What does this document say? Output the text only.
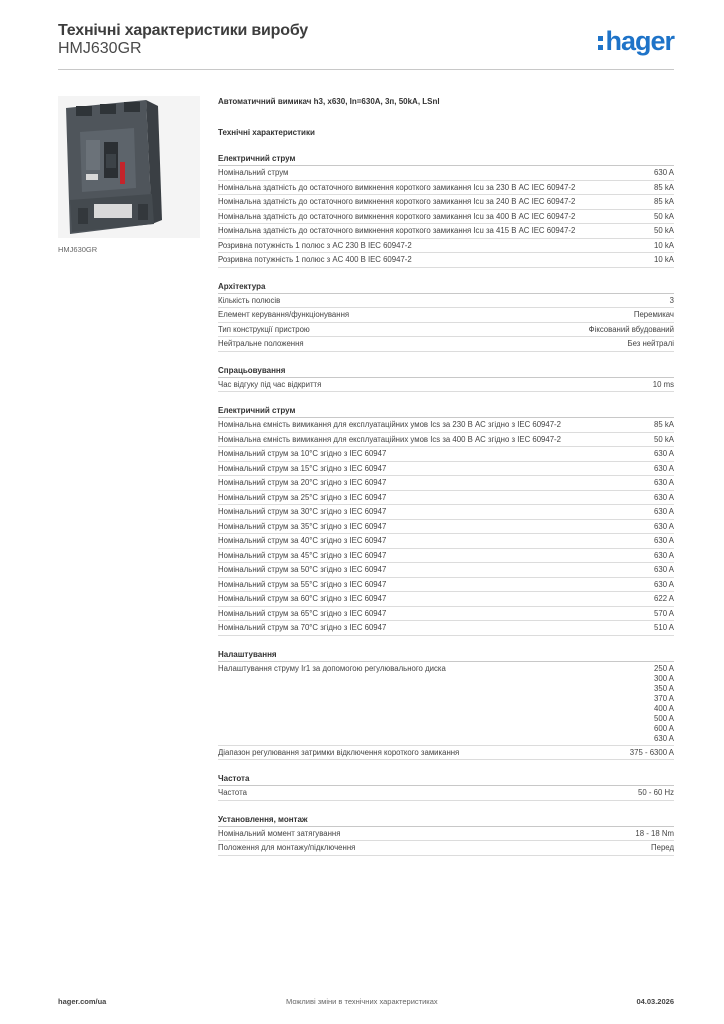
Технічні характеристики виробу
HMJ630GR	hager
HMJ630GR
Автоматичний вимикач h3, x630, In=630A, 3п, 50kA, LSnl
Технічні характеристики
Електричний струм
Номінальний струм	630 A
Номінальна здатність до остаточного вимкнення короткого замикання Icu за 230 В AC IEC 60947-2	85 kA
Номінальна здатність до остаточного вимкнення короткого замикання Icu за 240 В AC IEC 60947-2	85 kA
Номінальна здатність до остаточного вимкнення короткого замикання Icu за 400 В AC IEC 60947-2	50 kA
Номінальна здатність до остаточного вимкнення короткого замикання Icu за 415 В AC IEC 60947-2	50 kA
Розривна потужність 1 полюс з AC 230 В IEC 60947-2	10 kA
Розривна потужність 1 полюс з AC 400 В IEC 60947-2	10 kA
Архітектура
Кількість полюсів	3
Елемент керування/функціонування	Перемикач
Тип конструкції пристрою	Фіксований вбудований
Нейтральне положення	Без нейтралі
Спрацьовування
Час відгуку під час відкриття	10 ms
Електричний струм
Номінальна ємність вимикання для експлуатаційних умов Ics за 230 В AC згідно з IEC 60947-2	85 kA
Номінальна ємність вимикання для експлуатаційних умов Ics за 400 В AC згідно з IEC 60947-2	50 kA
Номінальний струм за 10°C згідно з IEC 60947	630 A
Номінальний струм за 15°C згідно з IEC 60947	630 A
Номінальний струм за 20°C згідно з IEC 60947	630 A
Номінальний струм за 25°C згідно з IEC 60947	630 A
Номінальний струм за 30°C згідно з IEC 60947	630 A
Номінальний струм за 35°C згідно з IEC 60947	630 A
Номінальний струм за 40°C згідно з IEC 60947	630 A
Номінальний струм за 45°C згідно з IEC 60947	630 A
Номінальний струм за 50°C згідно з IEC 60947	630 A
Номінальний струм за 55°C згідно з IEC 60947	630 A
Номінальний струм за 60°C згідно з IEC 60947	622 A
Номінальний струм за 65°C згідно з IEC 60947	570 A
Номінальний струм за 70°C згідно з IEC 60947	510 A
Налаштування
Налаштування струму Ir1 за допомогою регулювального диска	250 A
300 A
350 A
370 A
400 A
500 A
600 A
630 A
Діапазон регулювання затримки відключення короткого замикання	375 - 6300 A
Частота
Частота	50 - 60 Hz
Установлення, монтаж
Номінальний момент затягування	18 - 18 Nm
Положення для монтажу/підключення	Перед
hager.com/ua	Можливі зміни в технічних характеристиках	04.03.2026
